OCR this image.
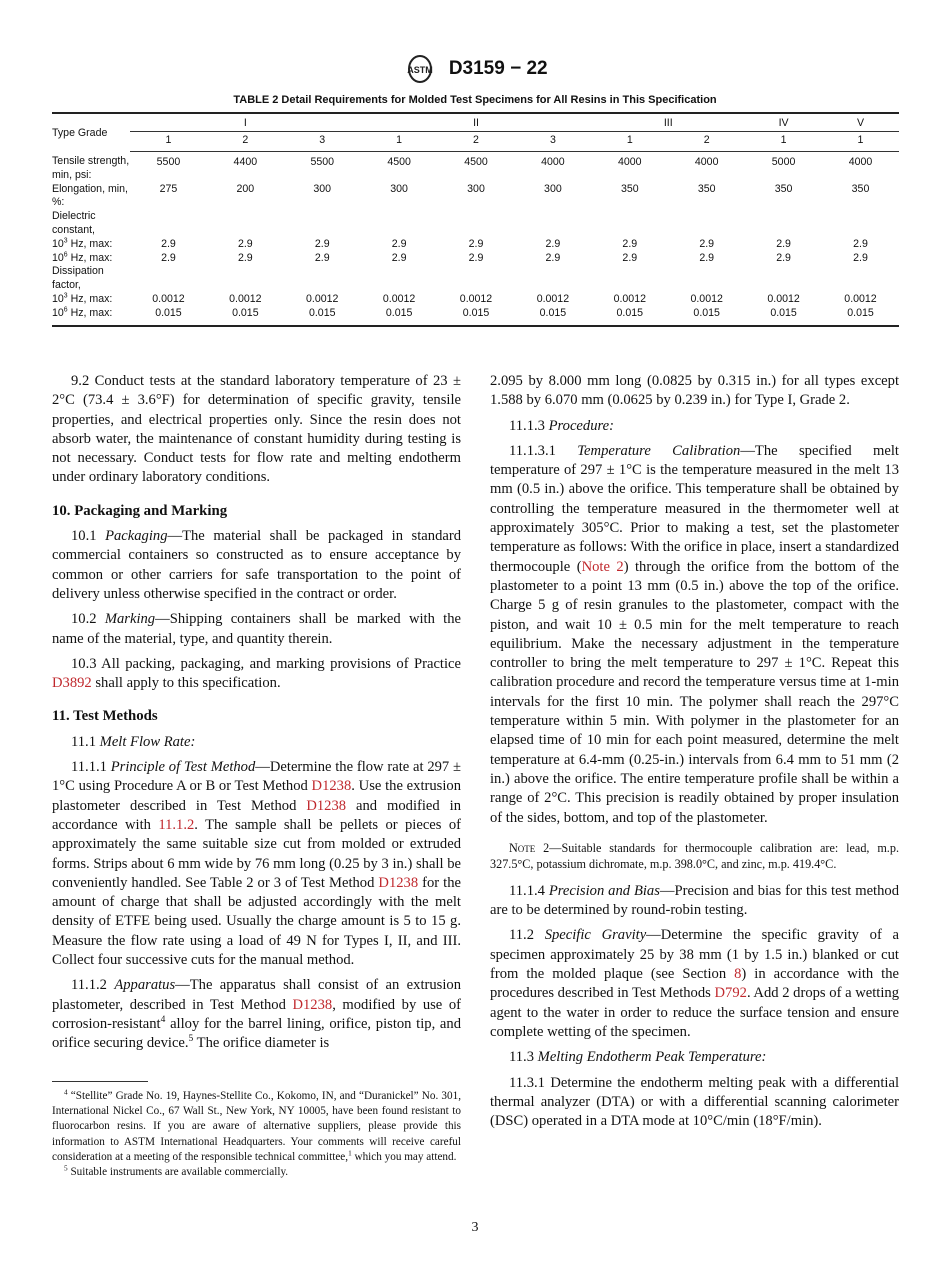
ASTM D3159 − 22
TABLE 2 Detail Requirements for Molded Test Specimens for All Resins in This Specification
Type Grade	I			II			III		IV		V
	1	2	3	1	2	3	1	2	1		1
Tensile strength, min, psi:	5500	4400	5500	4500	4500	4000	4000	4000	5000		4000
Elongation, min, %:	275	200	300	300	300	300	350	350	350		350
Dielectric constant,											
$10^3$ Hz, max:	2.9	2.9	2.9	2.9	2.9	2.9	2.9	2.9	2.9		2.9
$10^6$ Hz, max:	2.9	2.9	2.9	2.9	2.9	2.9	2.9	2.9	2.9		2.9
Dissipation factor,											
$10^3$ Hz, max:	0.0012	0.0012	0.0012	0.0012	0.0012	0.0012	0.0012	0.0012	0.0012		0.0012
$10^6$ Hz, max:	0.015	0.015	0.015	0.015	0.015	0.015	0.015	0.015	0.015		0.015

9.2 Conduct tests at the standard laboratory temperature of 23 ± 2°C (73.4 ± 3.6°F) for determination of specific gravity, tensile properties, and electrical properties only. Since the resin does not absorb water, the maintenance of constant humidity during testing is not necessary. Conduct tests for flow rate and melting endotherm under ordinary laboratory conditions.

10. Packaging and Marking

10.1 Packaging—The material shall be packaged in standard commercial containers so constructed as to ensure acceptance by common or other carriers for safe transportation to the point of delivery unless otherwise specified in the contract or order.

10.2 Marking—Shipping containers shall be marked with the name of the material, type, and quantity therein.

10.3 All packing, packaging, and marking provisions of Practice D3892 shall apply to this specification.

11. Test Methods

11.1 Melt Flow Rate:

11.1.1 Principle of Test Method—Determine the flow rate at 297 ± 1°C using Procedure A or B or Test Method D1238. Use the extrusion plastometer described in Test Method D1238 and modified in accordance with 11.1.2. The sample shall be pellets or pieces of approximately the same suitable size cut from molded or extruded forms. Strips about 6 mm wide by 76 mm long (0.25 by 3 in.) shall be conveniently handled. See Table 2 or 3 of Test Method D1238 for the amount of charge that shall be adjusted accordingly with the melt density of ETFE being used. Usually the charge amount is 5 to 15 g. Measure the flow rate using a load of 49 N for Types I, II, and III. Collect four successive cuts for the manual method.

11.1.2 Apparatus—The apparatus shall consist of an extrusion plastometer, described in Test Method D1238, modified by use of corrosion-resistant$^4$ alloy for the barrel lining, orifice, piston tip, and orifice securing device.$^5$ The orifice diameter is

2.095 by 8.000 mm long (0.0825 by 0.315 in.) for all types except 1.588 by 6.070 mm (0.0625 by 0.239 in.) for Type I, Grade 2.

11.1.3 Procedure:

11.1.3.1 Temperature Calibration—The specified melt temperature of 297 ± 1°C is the temperature measured in the melt 13 mm (0.5 in.) above the orifice. This temperature shall be obtained by controlling the temperature measured in the thermometer well at approximately 305°C. Prior to making a test, set the plastometer temperature as follows: With the orifice in place, insert a standardized thermocouple (Note 2) through the orifice from the bottom of the plastometer to a point 13 mm (0.5 in.) above the top of the orifice. Charge 5 g of resin granules to the plastometer, compact with the piston, and wait 10 ± 0.5 min for the melt temperature to reach equilibrium. Make the necessary adjustment in the temperature controller to bring the melt temperature to 297 ± 1°C. Repeat this calibration procedure and record the temperature versus time at 1-min intervals for the first 10 min. The polymer shall reach the 297°C temperature within 5 min. With polymer in the plastometer for an elapsed time of 10 min for each point measured, determine the melt temperature at 6.4-mm (0.25-in.) intervals from 6.4 mm to 51 mm (2 in.) above the orifice. The entire temperature profile shall be within a range of 2°C. This precision is readily obtained by proper insulation of the sides, bottom, and top of the plastometer.

Note 2—Suitable standards for thermocouple calibration are: lead, m.p. 327.5°C, potassium dichromate, m.p. 398.0°C, and zinc, m.p. 419.4°C.

11.1.4 Precision and Bias—Precision and bias for this test method are to be determined by round-robin testing.

11.2 Specific Gravity—Determine the specific gravity of a specimen approximately 25 by 38 mm (1 by 1.5 in.) blanked or cut from the molded plaque (see Section 8) in accordance with the procedures described in Test Methods D792. Add 2 drops of a wetting agent to the water in order to reduce the surface tension and ensure complete wetting of the specimen.

11.3 Melting Endotherm Peak Temperature:

11.3.1 Determine the endotherm melting peak with a differential thermal analyzer (DTA) or with a differential scanning calorimeter (DSC) operated in a DTA mode at 10°C/min (18°F/min).

$^4$ “Stellite” Grade No. 19, Haynes-Stellite Co., Kokomo, IN, and “Duranickel” No. 301, International Nickel Co., 67 Wall St., New York, NY 10005, have been found resistant to fluorocarbon resins. If you are aware of alternative suppliers, please provide this information to ASTM International Headquarters. Your comments will receive careful consideration at a meeting of the responsible technical committee,$^1$ which you may attend.

$^5$ Suitable instruments are available commercially.

3
